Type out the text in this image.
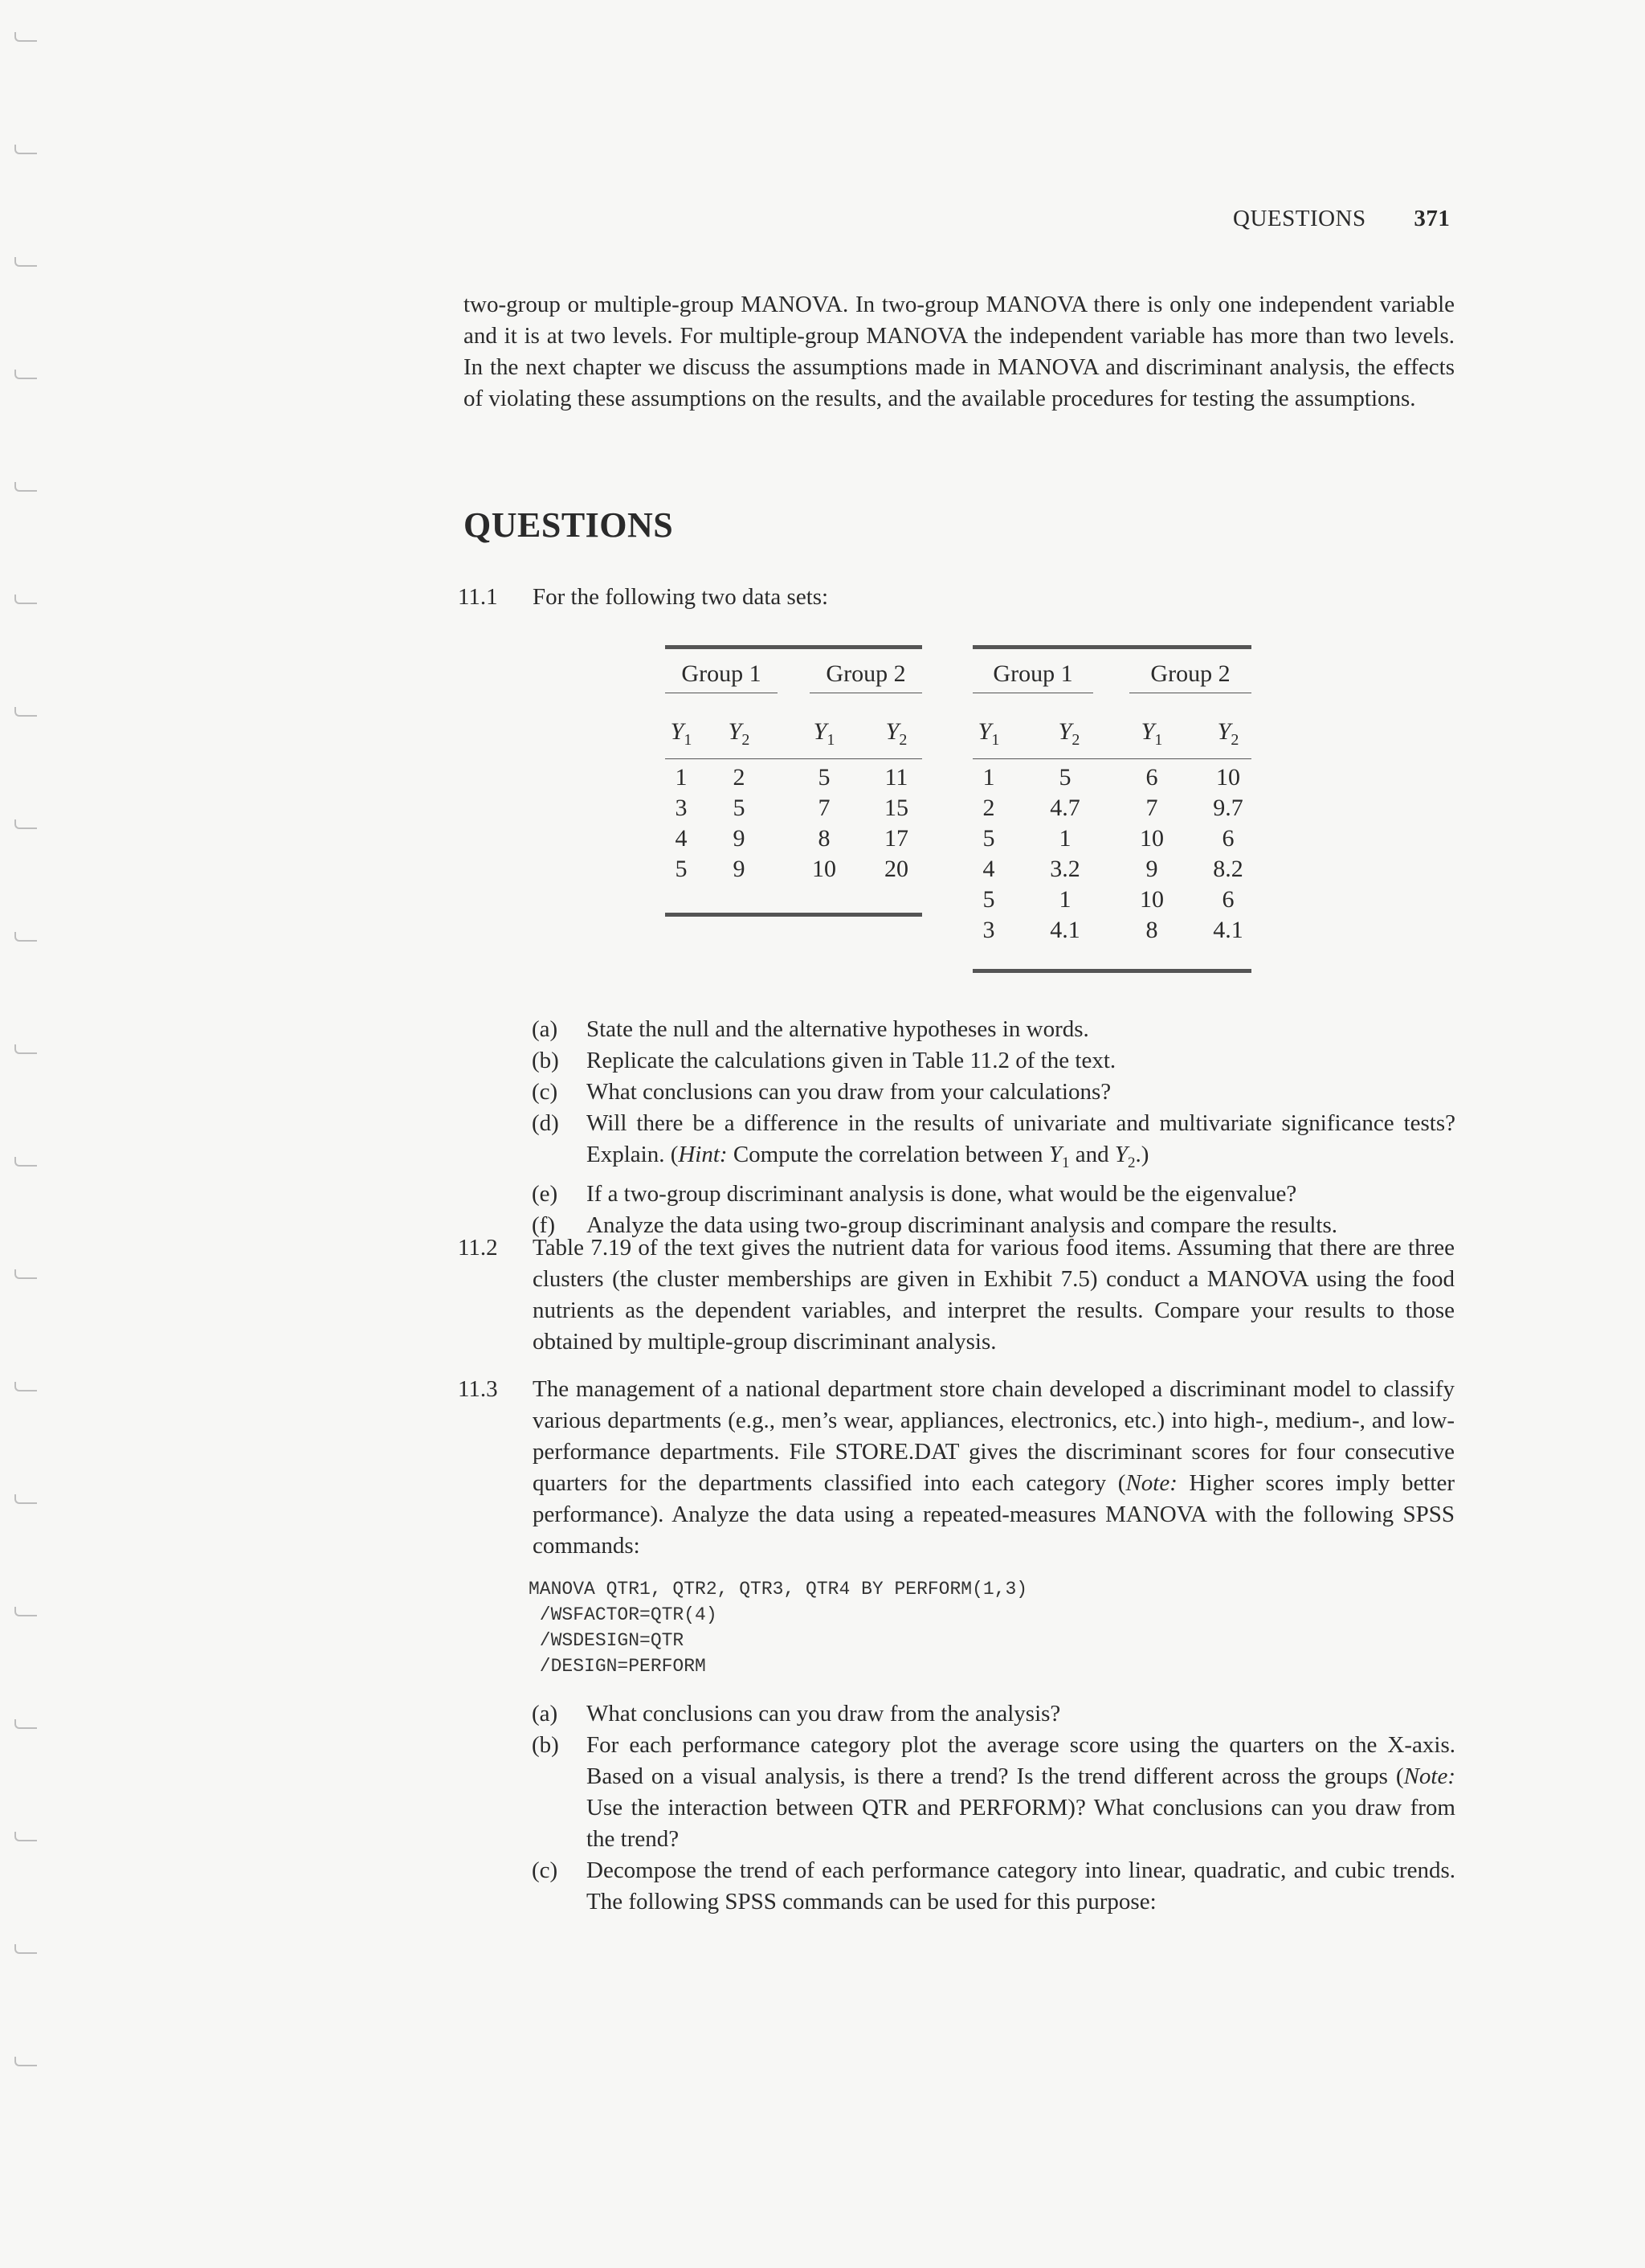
QUESTIONS 371
two-group or multiple-group MANOVA. In two-group MANOVA there is only one independent variable and it is at two levels. For multiple-group MANOVA the independent variable has more than two levels. In the next chapter we discuss the assumptions made in MANOVA and discriminant analysis, the effects of violating these assumptions on the results, and the available procedures for testing the assumptions.
QUESTIONS
11.1	For the following two data sets:
Group 1	Group 2
$Y_1$	$Y_2$	$Y_1$	$Y_2$
1	2	5	11
3	5	7	15
4	9	8	17
5	9	10	20
Group 1	Group 2
$Y_1$	$Y_2$	$Y_1$	$Y_2$
1	5	6	10
2	4.7	7	9.7
5	1	10	6
4	3.2	9	8.2
5	1	10	6
3	4.1	8	4.1
(a) State the null and the alternative hypotheses in words.
(b) Replicate the calculations given in Table 11.2 of the text.
(c) What conclusions can you draw from your calculations?
(d) Will there be a difference in the results of univariate and multivariate significance tests? Explain. (Hint: Compute the correlation between $Y_1$ and $Y_2$.)
(e) If a two-group discriminant analysis is done, what would be the eigenvalue?
(f) Analyze the data using two-group discriminant analysis and compare the results.
11.2	Table 7.19 of the text gives the nutrient data for various food items. Assuming that there are three clusters (the cluster memberships are given in Exhibit 7.5) conduct a MANOVA using the food nutrients as the dependent variables, and interpret the results. Compare your results to those obtained by multiple-group discriminant analysis.
11.3	The management of a national department store chain developed a discriminant model to classify various departments (e.g., men’s wear, appliances, electronics, etc.) into high-, medium-, and low-performance departments. File STORE.DAT gives the discriminant scores for four consecutive quarters for the departments classified into each category (Note: Higher scores imply better performance). Analyze the data using a repeated-measures MANOVA with the following SPSS commands:
MANOVA QTR1, QTR2, QTR3, QTR4 BY PERFORM(1,3)
/WSFACTOR=QTR(4)
/WSDESIGN=QTR
/DESIGN=PERFORM
(a) What conclusions can you draw from the analysis?
(b) For each performance category plot the average score using the quarters on the X-axis. Based on a visual analysis, is there a trend? Is the trend different across the groups (Note: Use the interaction between QTR and PERFORM)? What conclusions can you draw from the trend?
(c) Decompose the trend of each performance category into linear, quadratic, and cubic trends. The following SPSS commands can be used for this purpose:
